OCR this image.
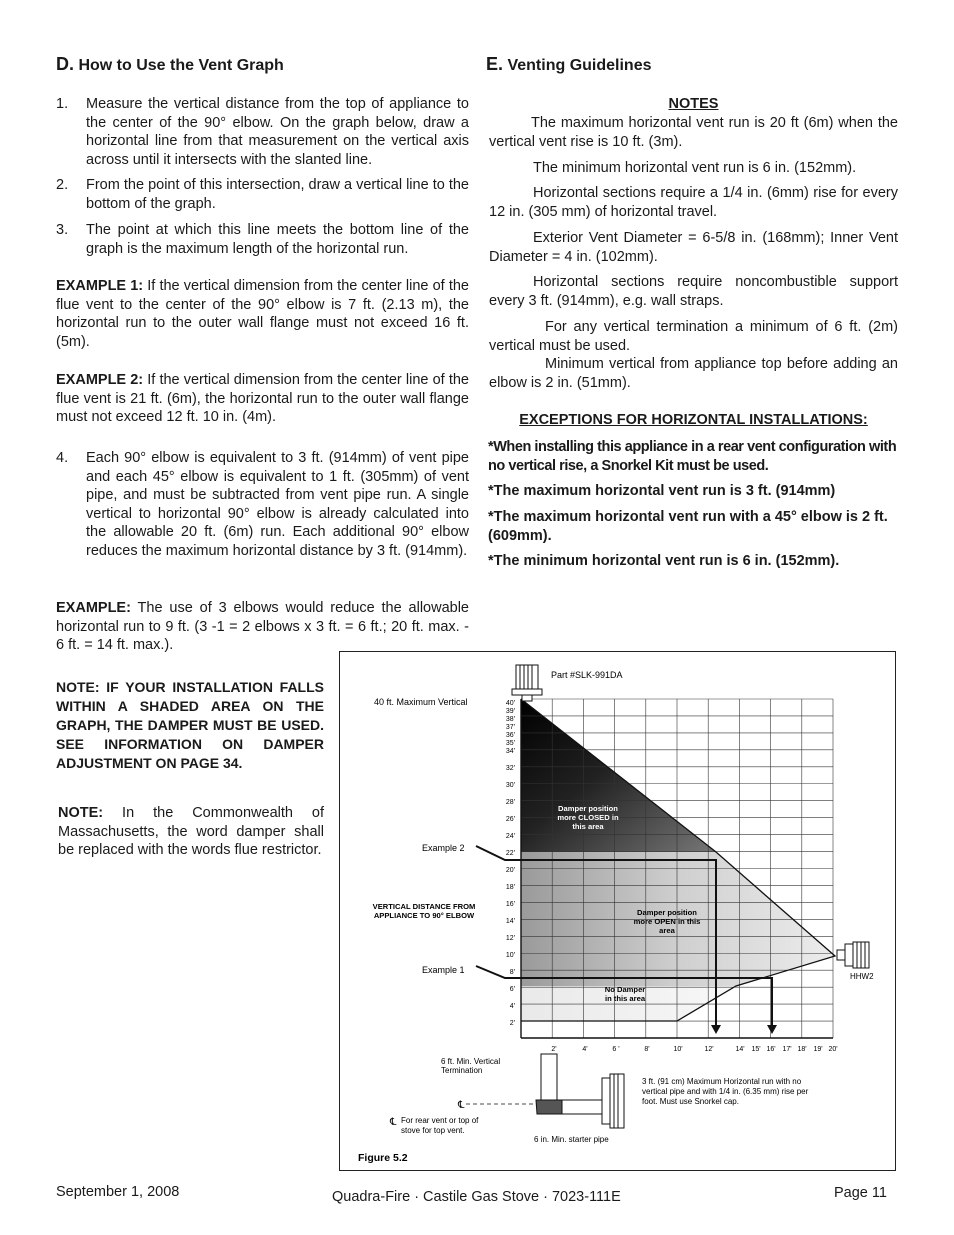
D. How to Use the Vent Graph
1. Measure the vertical distance from the top of appliance to the center of the 90° elbow. On the graph below, draw a horizontal line from that measurement on the vertical axis across until it intersects with the slanted line.
2. From the point of this intersection, draw a vertical line to the bottom of the graph.
3. The point at which this line meets the bottom line of the graph is the maximum length of the horizontal run.
EXAMPLE 1: If the vertical dimension from the center line of the flue vent to the center of the 90° elbow is 7 ft. (2.13 m), the horizontal run to the outer wall flange must not exceed 16 ft. (5m).
EXAMPLE 2: If the vertical dimension from the center line of the flue vent is 21 ft. (6m), the horizontal run to the outer wall flange must not exceed 12 ft. 10 in. (4m).
4. Each 90° elbow is equivalent to 3 ft. (914mm) of vent pipe and each 45° elbow is equivalent to 1 ft. (305mm) of vent pipe, and must be subtracted from vent pipe run. A single vertical to horizontal 90° elbow is already calculated into the allowable 20 ft. (6m) run. Each additional 90° elbow reduces the maximum horizontal distance by 3 ft. (914mm).
EXAMPLE: The use of 3 elbows would reduce the allowable horizontal run to 9 ft. (3 -1 = 2 elbows x 3 ft. = 6 ft.; 20 ft. max. - 6 ft. = 14 ft. max.).
NOTE: IF YOUR INSTALLATION FALLS WITHIN A SHADED AREA ON THE GRAPH, THE DAMPER MUST BE USED. SEE INFORMATION ON DAMPER ADJUSTMENT ON PAGE 34.
NOTE: In the Commonwealth of Massachusetts, the word damper shall be replaced with the words flue restrictor.
E. Venting Guidelines
NOTES
The maximum horizontal vent run is 20 ft (6m) when the vertical vent rise is 10 ft. (3m).
The minimum horizontal vent run is 6 in. (152mm).
Horizontal sections require a 1/4 in. (6mm) rise for every 12 in. (305 mm) of horizontal travel.
Exterior Vent Diameter = 6-5/8 in. (168mm); Inner Vent Diameter = 4 in. (102mm).
Horizontal sections require noncombustible support every 3 ft. (914mm), e.g. wall straps.
For any vertical termination a minimum of 6 ft. (2m) vertical must be used.
Minimum vertical from appliance top before adding an elbow is 2 in. (51mm).
EXCEPTIONS FOR HORIZONTAL INSTALLATIONS:
*When installing this appliance in a rear vent configuration with no vertical rise, a Snorkel Kit must be used.
*The maximum horizontal vent run is 3 ft. (914mm)
*The maximum horizontal vent run with a 45° elbow is 2 ft. (609mm).
*The minimum horizontal vent run is 6 in. (152mm).
40'
39'
38'
37'
36'
35'
34'
32'
30'
28'
26'
24'
22'
20'
18'
16'
14'
12'
10'
8'
6'
4'
2'
2'	4'	6 '	8'	10'	12'	14' 15' 16' 17' 18' 19' 20'
Part #SLK-991DA
40 ft. Maximum Vertical
VERTICAL DISTANCE FROM
APPLIANCE TO 90° ELBOW
Example 2
Example 1
Damper position
more CLOSED in
this area
Damper position
more OPEN in this
area
No Damper
in this area
HHW2
6 ft. Min. Vertical
Termination
℄
℄ For rear vent or top of
stove for top vent.
6 in. Min. starter pipe
3 ft. (91 cm) Maximum Horizontal run with no
vertical pipe and with 1/4 in. (6.35 mm) rise per
foot. Must use Snorkel cap.
Figure 5.2
September 1, 2008	Quadra-Fire · Castile Gas Stove · 7023-111E	Page 11
